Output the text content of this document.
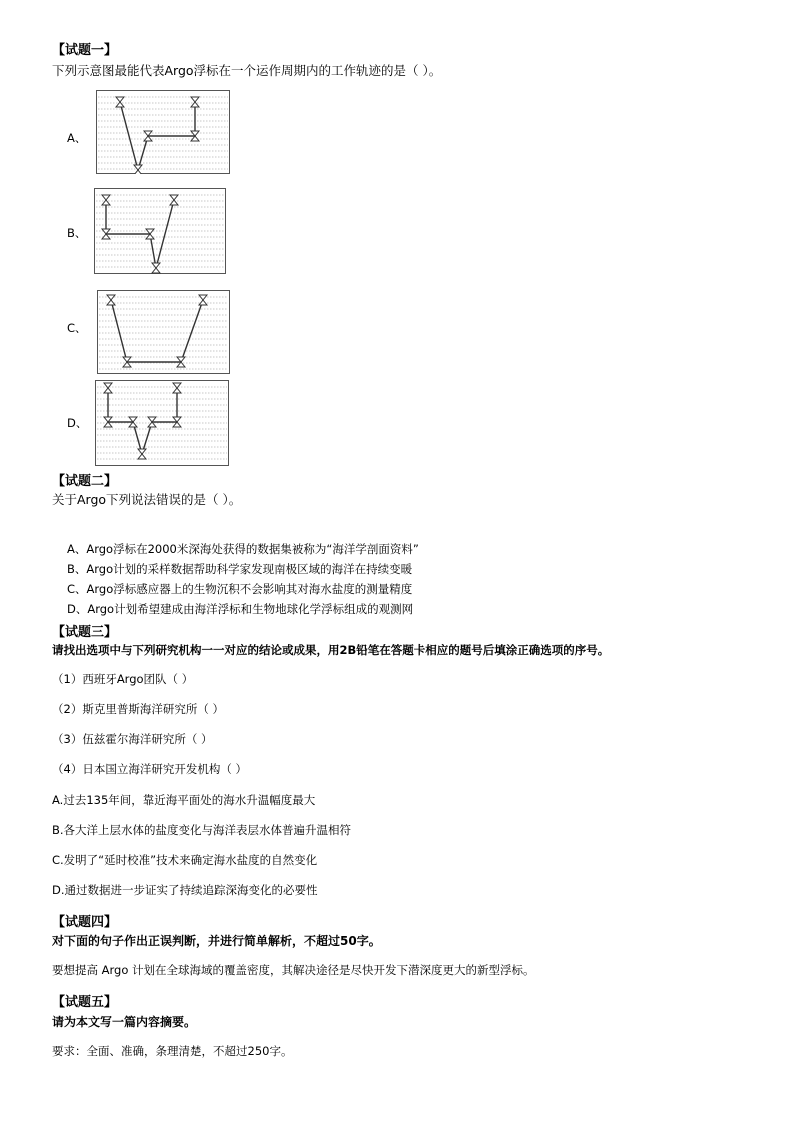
【试题一】
下列示意图最能代表Argo浮标在一个运作周期内的工作轨迹的是（ ）。
A、
B、
C、
D、
【试题二】
关于Argo下列说法错误的是（ ）。
A、Argo浮标在2000米深海处获得的数据集被称为“海洋学剖面资料”
B、Argo计划的采样数据帮助科学家发现南极区域的海洋在持续变暖
C、Argo浮标感应器上的生物沉积不会影响其对海水盐度的测量精度
D、Argo计划希望建成由海洋浮标和生物地球化学浮标组成的观测网
【试题三】
请找出选项中与下列研究机构一一对应的结论或成果，用2B铅笔在答题卡相应的题号后填涂正确选项的序号。
（1）西班牙Argo团队（ ）
（2）斯克里普斯海洋研究所（ ）
（3）伍兹霍尔海洋研究所（ ）
（4）日本国立海洋研究开发机构（ ）
A.过去135年间，靠近海平面处的海水升温幅度最大
B.各大洋上层水体的盐度变化与海洋表层水体普遍升温相符
C.发明了“延时校准”技术来确定海水盐度的自然变化
D.通过数据进一步证实了持续追踪深海变化的必要性
【试题四】
对下面的句子作出正误判断，并进行简单解析，不超过50字。
要想提高 Argo 计划在全球海域的覆盖密度，其解决途径是尽快开发下潜深度更大的新型浮标。
【试题五】
请为本文写一篇内容摘要。
要求：全面、准确，条理清楚，不超过250字。
